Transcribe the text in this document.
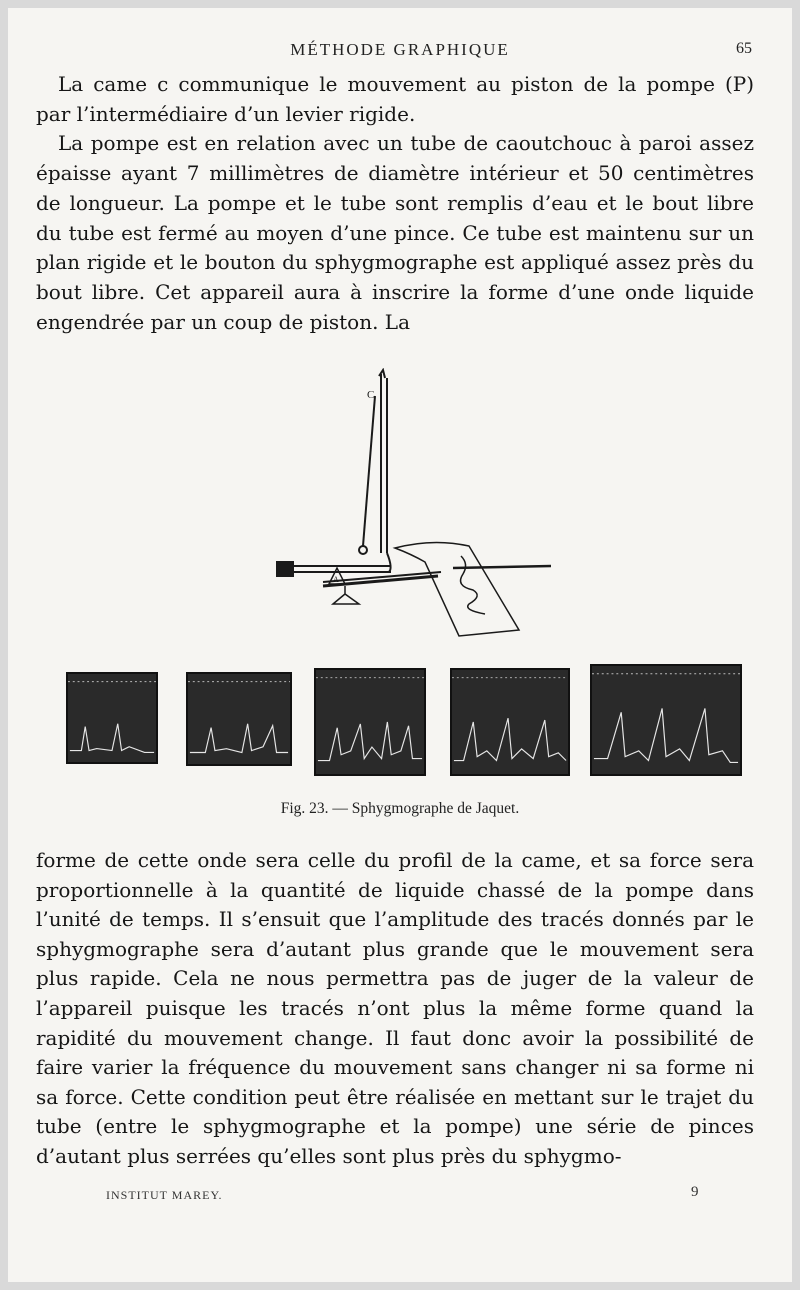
MÉTHODE GRAPHIQUE	65

La came c communique le mouvement au piston de la pompe (P) par l’intermédiaire d’un levier rigide.

La pompe est en relation avec un tube de caoutchouc à paroi assez épaisse ayant 7 millimètres de diamètre intérieur et 50 centimètres de longueur. La pompe et le tube sont remplis d’eau et le bout libre du tube est fermé au moyen d’une pince. Ce tube est maintenu sur un plan rigide et le bouton du sphygmographe est appliqué assez près du bout libre. Cet appareil aura à inscrire la forme d’une onde liquide engendrée par un coup de piston. La

C
A
Fig. 23. — Sphygmographe de Jaquet.

forme de cette onde sera celle du profil de la came, et sa force sera proportionnelle à la quantité de liquide chassé de la pompe dans l’unité de temps. Il s’ensuit que l’amplitude des tracés donnés par le sphygmographe sera d’autant plus grande que le mouvement sera plus rapide. Cela ne nous permettra pas de juger de la valeur de l’appareil puisque les tracés n’ont plus la même forme quand la rapidité du mouvement change. Il faut donc avoir la possibilité de faire varier la fréquence du mouvement sans changer ni sa forme ni sa force. Cette condition peut être réalisée en mettant sur le trajet du tube (entre le sphygmographe et la pompe) une série de pinces d’autant plus serrées qu’elles sont plus près du sphygmo-

INSTITUT MAREY.	9
